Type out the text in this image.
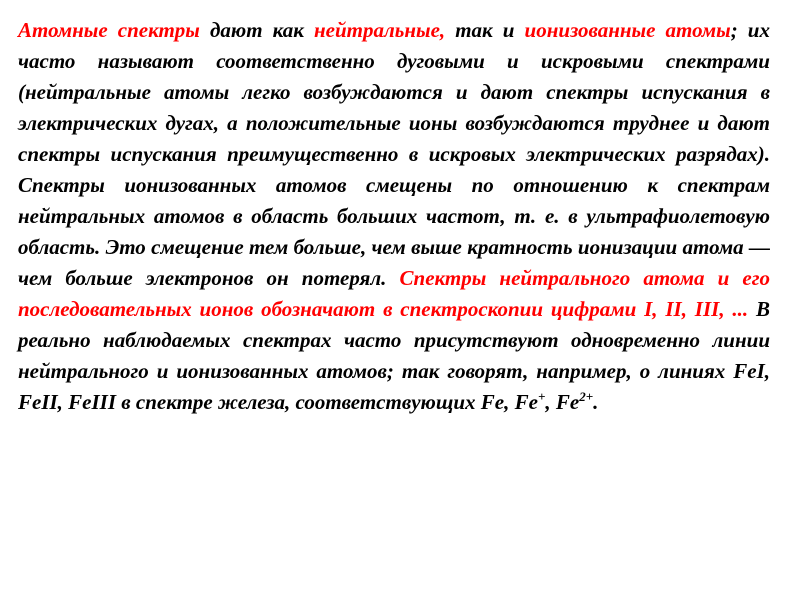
Атомные спектры дают как нейтральные, так и ионизованные атомы; их часто называют соответственно дуговыми и искровыми спектрами (нейтральные атомы легко возбуждаются и дают спектры испускания в электрических дугах, а положительные ионы возбуждаются труднее и дают спектры испускания преимущественно в искровых электрических разрядах). Спектры ионизованных атомов смещены по отношению к спектрам нейтральных атомов в область больших частот, т. е. в ультрафиолетовую область. Это смещение тем больше, чем выше кратность ионизации атома — чем больше электронов он потерял. Спектры нейтрального атома и его последовательных ионов обозначают в спектроскопии цифрами I, II, III, ... В реально наблюдаемых спектрах часто присутствуют одновременно линии нейтрального и ионизованных атомов; так говорят, например, о линиях FeI, FeII, FeIII в спектре железа, соответствующих Fe, Fe+, $Fe^{2+}$.
